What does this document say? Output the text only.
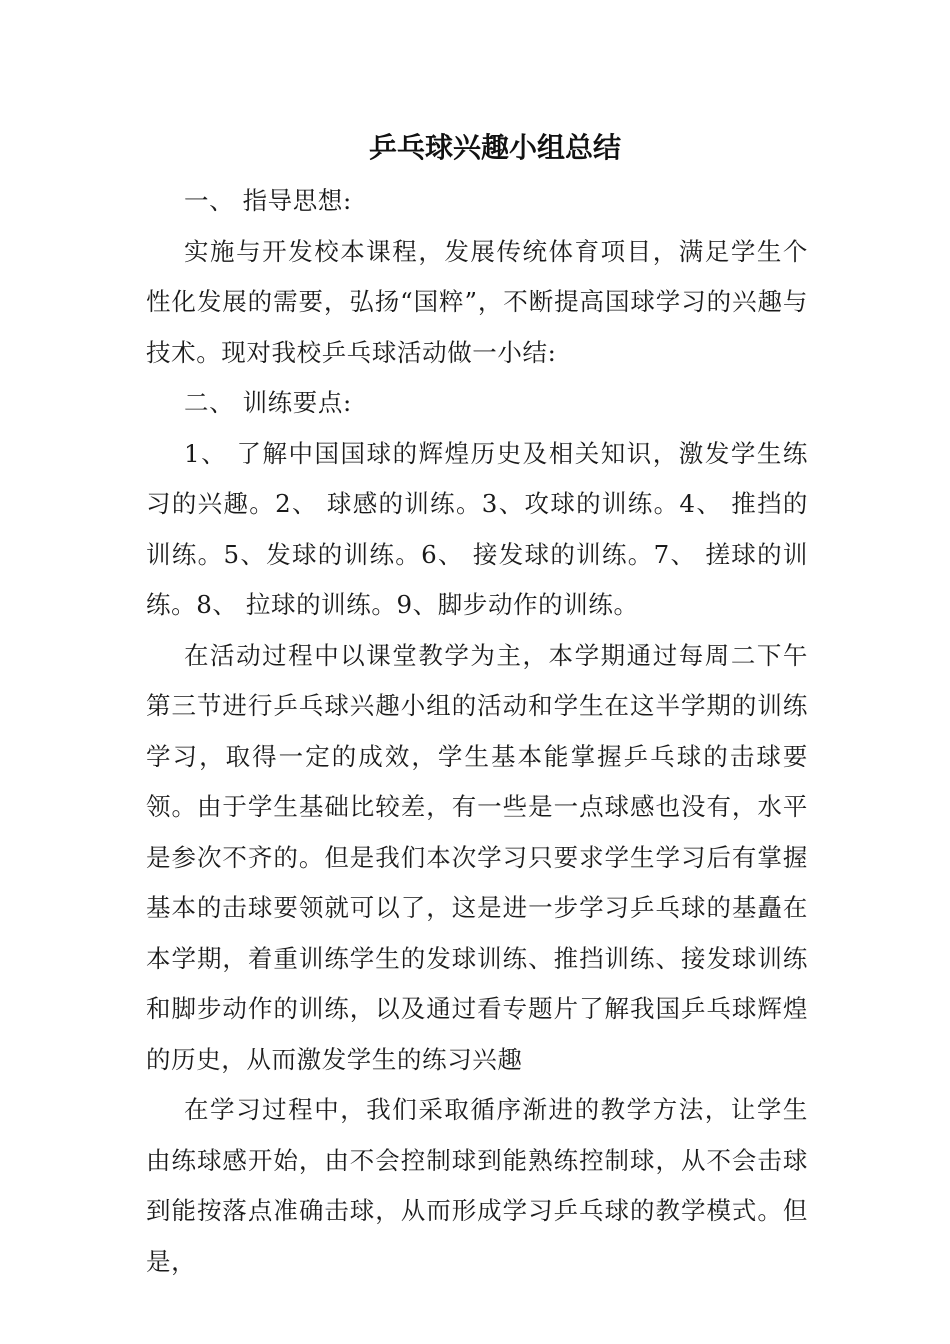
乒乓球兴趣小组总结

一、 指导思想:

实施与开发校本课程，发展传统体育项目，满足学生个性化发展的需要，弘扬“国粹”，不断提高国球学习的兴趣与技术。现对我校乒乓球活动做一小结:

二、 训练要点:

1、 了解中国国球的辉煌历史及相关知识，激发学生练习的兴趣。2、 球感的训练。3、攻球的训练。4、 推挡的训练。5、发球的训练。6、 接发球的训练。7、 搓球的训练。8、 拉球的训练。9、脚步动作的训练。

在活动过程中以课堂教学为主，本学期通过每周二下午第三节进行乒乓球兴趣小组的活动和学生在这半学期的训练学习，取得一定的成效，学生基本能掌握乒乓球的击球要领。由于学生基础比较差，有一些是一点球感也没有，水平是参次不齐的。但是我们本次学习只要求学生学习后有掌握基本的击球要领就可以了，这是进一步学习乒乓球的基矗在本学期，着重训练学生的发球训练、推挡训练、接发球训练和脚步动作的训练，以及通过看专题片了解我国乒乓球辉煌的历史，从而激发学生的练习兴趣

在学习过程中，我们采取循序渐进的教学方法，让学生由练球感开始，由不会控制球到能熟练控制球，从不会击球到能按落点准确击球，从而形成学习乒乓球的教学模式。但是，
